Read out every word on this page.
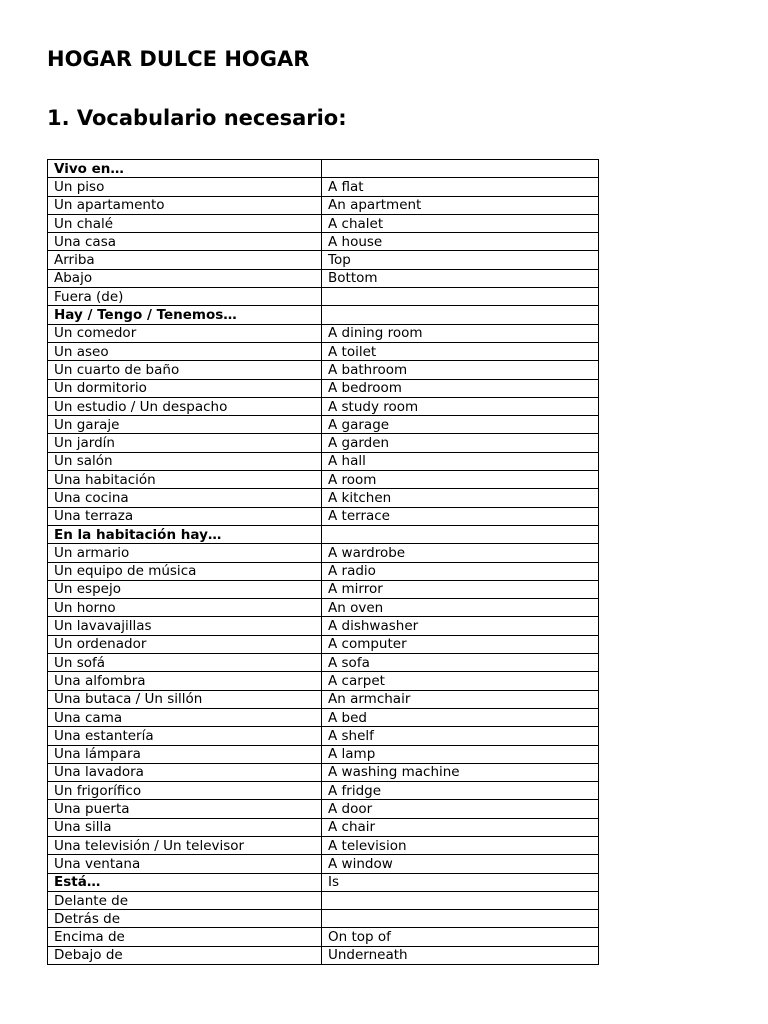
HOGAR DULCE HOGAR
1. Vocabulario necesario:
Vivo en…	
Un piso	A flat
Un apartamento	An apartment
Un chalé	A chalet
Una casa	A house
Arriba	Top
Abajo	Bottom
Fuera (de)	
Hay / Tengo / Tenemos…	
Un comedor	A dining room
Un aseo	A toilet
Un cuarto de baño	A bathroom
Un dormitorio	A bedroom
Un estudio / Un despacho	A study room
Un garaje	A garage
Un jardín	A garden
Un salón	A hall
Una habitación	A room
Una cocina	A kitchen
Una terraza	A terrace
En la habitación hay…	
Un armario	A wardrobe
Un equipo de música	A radio
Un espejo	A mirror
Un horno	An oven
Un lavavajillas	A dishwasher
Un ordenador	A computer
Un sofá	A sofa
Una alfombra	A carpet
Una butaca / Un sillón	An armchair
Una cama	A bed
Una estantería	A shelf
Una lámpara	A lamp
Una lavadora	A washing machine
Un frigorífico	A fridge
Una puerta	A door
Una silla	A chair
Una televisión / Un televisor	A television
Una ventana	A window
Está…	Is
Delante de	
Detrás de	
Encima de	On top of
Debajo de	Underneath
